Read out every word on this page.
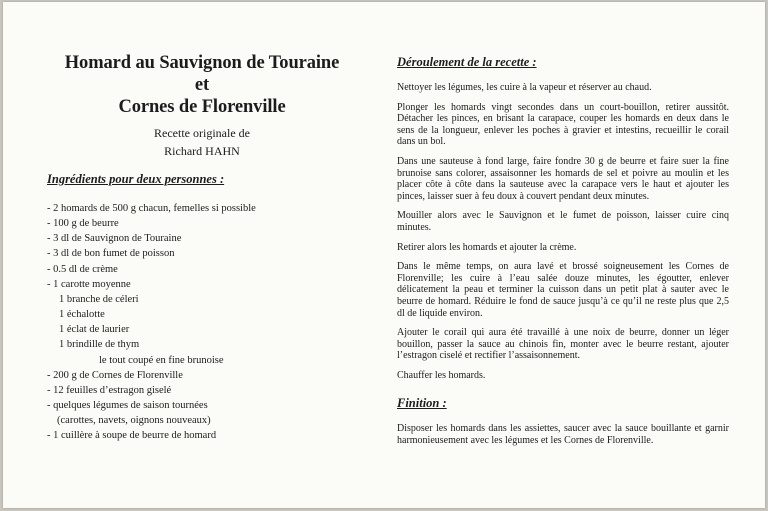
Homard au Sauvignon de Touraine
et
Cornes de Florenville
Recette originale de
Richard HAHN
Ingrédients pour deux personnes :
- 2 homards de 500 g chacun, femelles si possible
- 100 g de beurre
- 3 dl de Sauvignon de Touraine
- 3 dl de bon fumet de poisson
- 0.5 dl de crème
- 1 carotte moyenne
1 branche de céleri
1 échalotte
1 éclat de laurier
1 brindille de thym
le tout coupé en fine brunoise
- 200 g de Cornes de Florenville
- 12 feuilles d’estragon giselé
- quelques légumes de saison tournées
(carottes, navets, oignons nouveaux)
- 1 cuillère à soupe de beurre de homard
Déroulement de la recette :

Nettoyer les légumes, les cuire à la vapeur et réserver au chaud.

Plonger les homards vingt secondes dans un court-bouillon, retirer aussitôt. Détacher les pinces, en brisant la carapace, couper les homards en deux dans le sens de la longueur, enlever les poches à gravier et intestins, recueillir le corail dans un bol.

Dans une sauteuse à fond large, faire fondre 30 g de beurre et faire suer la fine brunoise sans colorer, assaisonner les homards de sel et poivre au moulin et les placer côte à côte dans la sauteuse avec la carapace vers le haut et ajouter les pinces, laisser suer à feu doux à couvert pendant deux minutes.

Mouiller alors avec le Sauvignon et le fumet de poisson, laisser cuire cinq minutes.

Retirer alors les homards et ajouter la crème.

Dans le même temps, on aura lavé et brossé soigneusement les Cornes de Florenville; les cuire à l’eau salée douze minutes, les égoutter, enlever délicatement la peau et terminer la cuisson dans un petit plat à sauter avec le beurre de homard. Réduire le fond de sauce jusqu’à ce qu’il ne reste plus que 2,5 dl de liquide environ.

Ajouter le corail qui aura été travaillé à une noix de beurre, donner un léger bouillon, passer la sauce au chinois fin, monter avec le beurre restant, ajouter l’estragon ciselé et rectifier l’assaisonnement.

Chauffer les homards.

Finition :

Disposer les homards dans les assiettes, saucer avec la sauce bouillante et garnir harmonieusement avec les légumes et les Cornes de Florenville.
